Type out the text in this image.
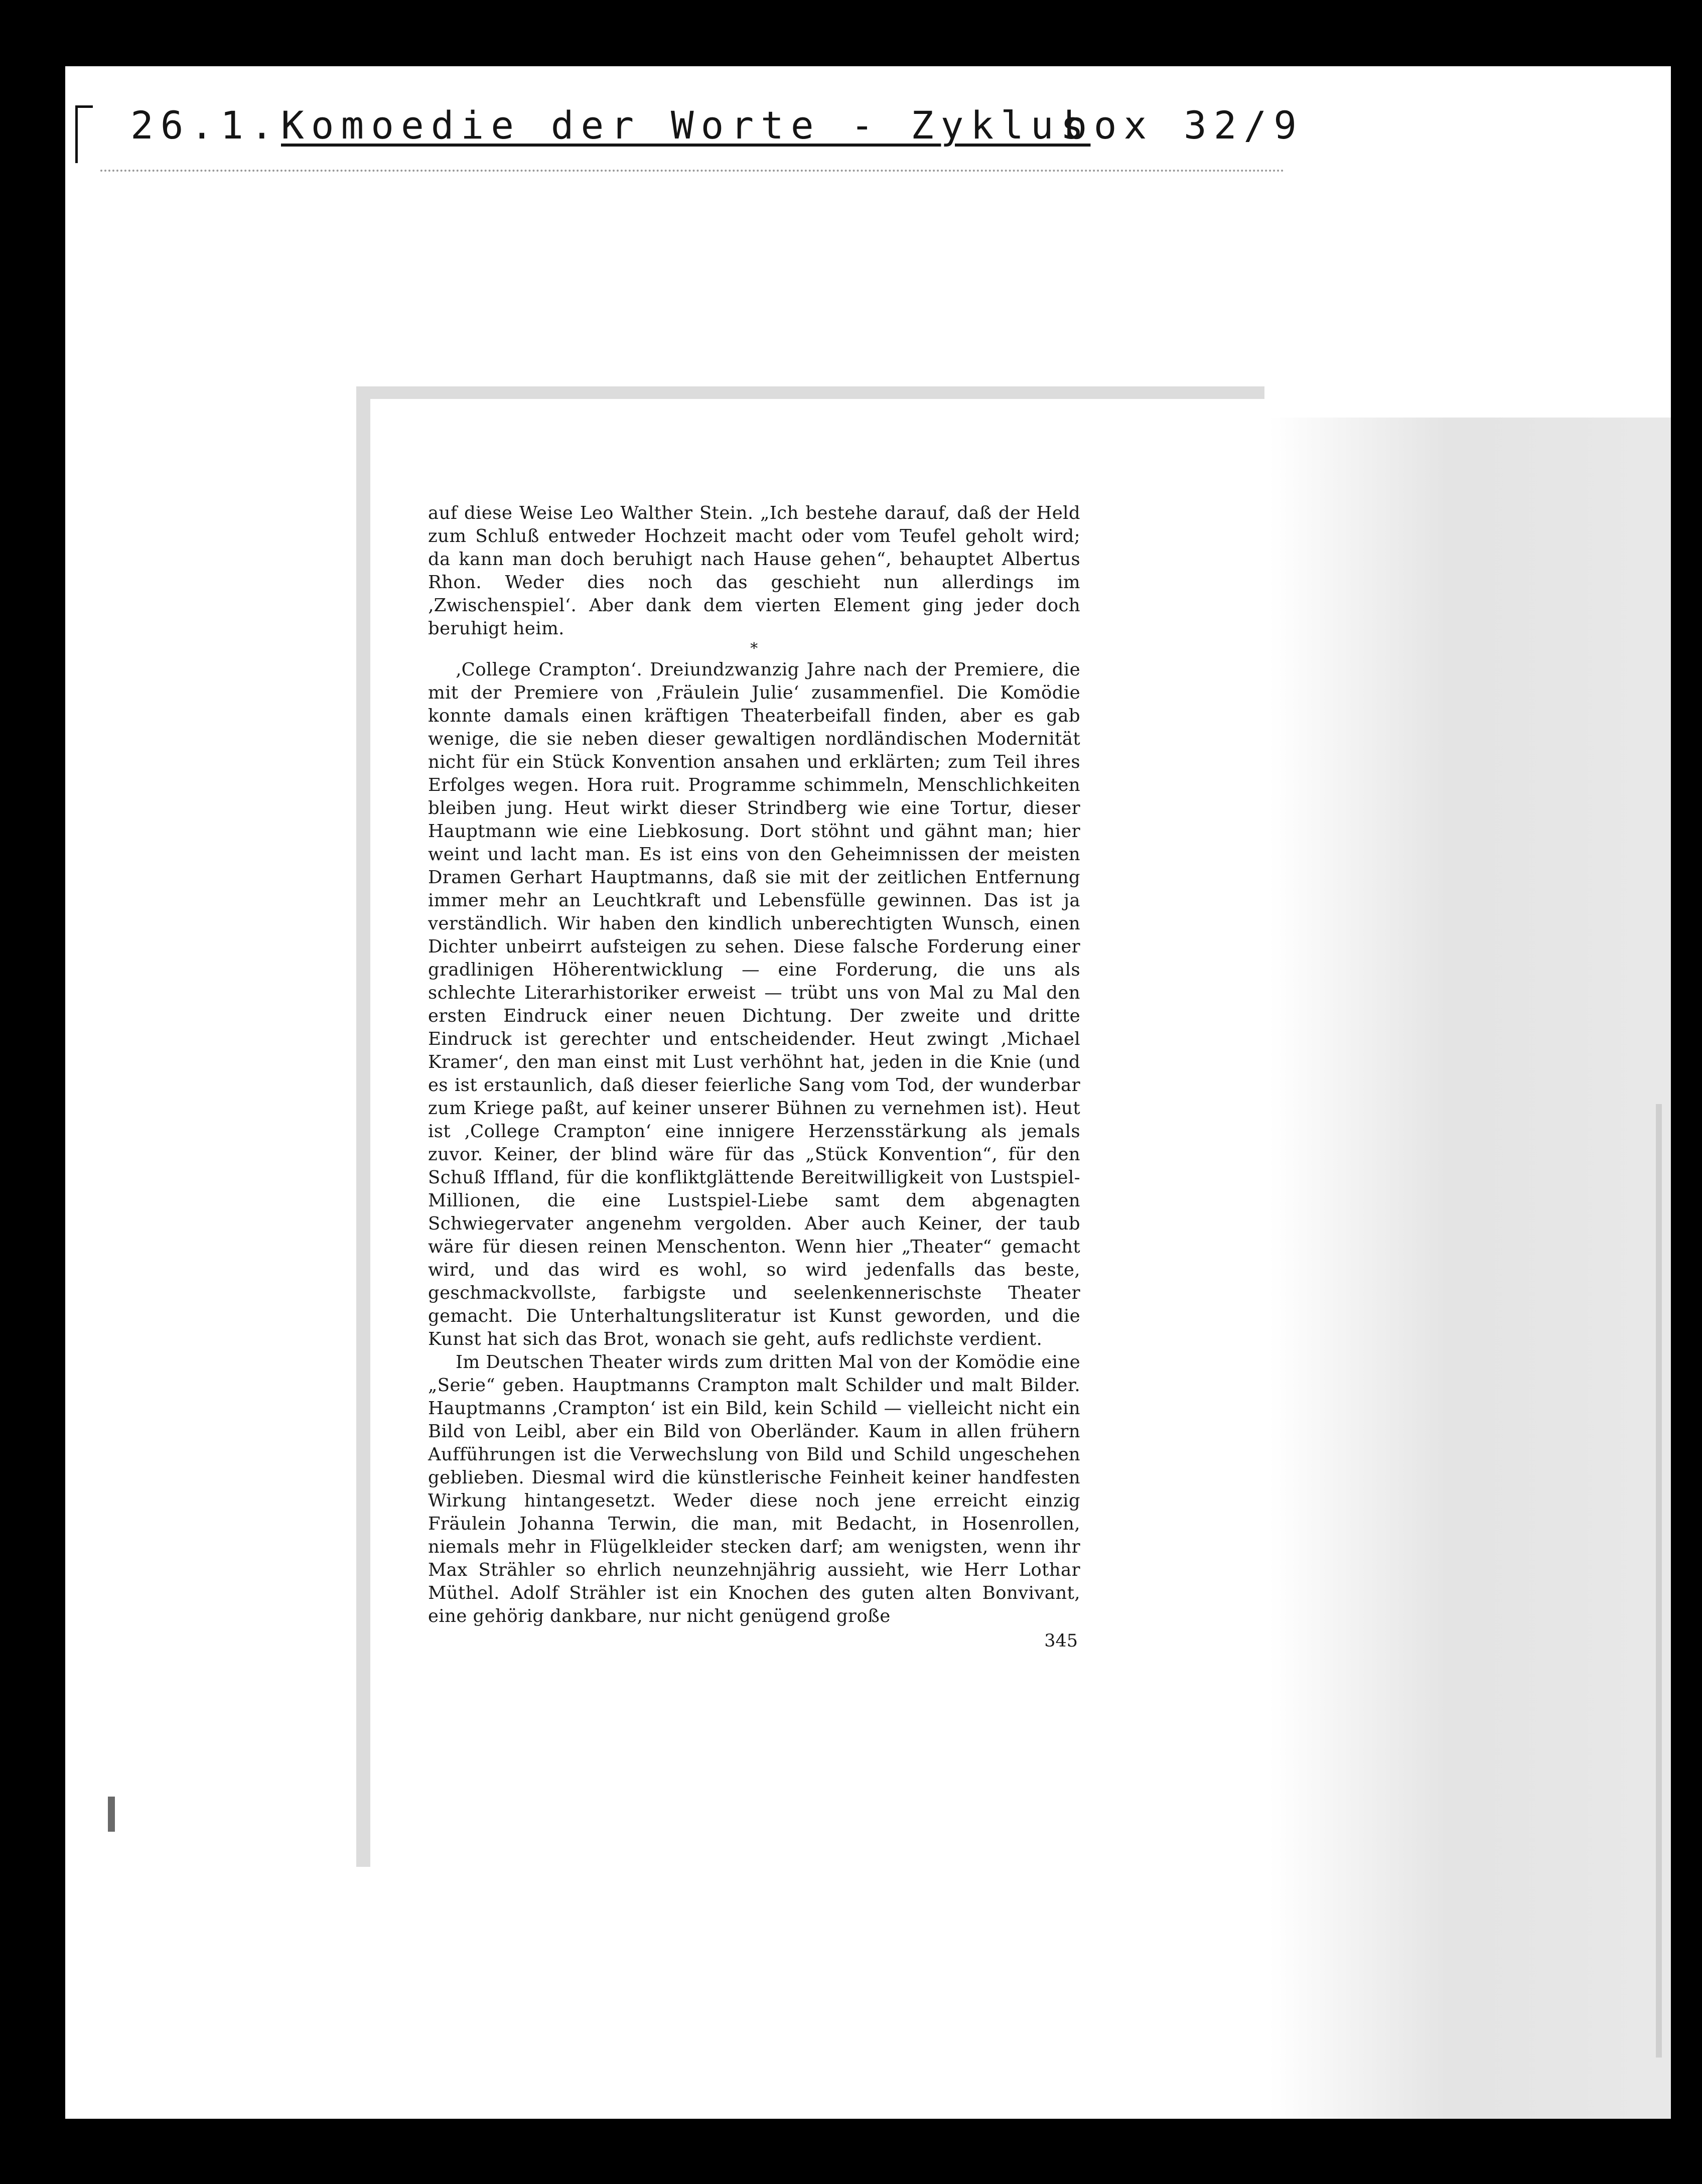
26.1. Komoedie der Worte - Zyklus
box 32/9

auf diese Weise Leo Walther Stein. „Ich bestehe darauf, daß der Held zum Schluß entweder Hochzeit macht oder vom Teufel geholt wird; da kann man doch beruhigt nach Hause gehen“, behauptet Albertus Rhon. Weder dies noch das geschieht nun allerdings im ‚Zwischenspiel‘. Aber dank dem vierten Element ging jeder doch beruhigt heim.

*

‚College Crampton‘. Dreiundzwanzig Jahre nach der Premiere, die mit der Premiere von ‚Fräulein Julie‘ zusammenfiel. Die Komödie konnte damals einen kräftigen Theaterbeifall finden, aber es gab wenige, die sie neben dieser gewaltigen nordländischen Modernität nicht für ein Stück Konvention ansahen und erklärten; zum Teil ihres Erfolges wegen. Hora ruit. Programme schimmeln, Menschlichkeiten bleiben jung. Heut wirkt dieser Strindberg wie eine Tortur, dieser Hauptmann wie eine Liebkosung. Dort stöhnt und gähnt man; hier weint und lacht man. Es ist eins von den Geheimnissen der meisten Dramen Gerhart Hauptmanns, daß sie mit der zeitlichen Entfernung immer mehr an Leuchtkraft und Lebensfülle gewinnen. Das ist ja verständlich. Wir haben den kindlich unberechtigten Wunsch, einen Dichter unbeirrt aufsteigen zu sehen. Diese falsche Forderung einer gradlinigen Höherentwicklung — eine Forderung, die uns als schlechte Literarhistoriker erweist — trübt uns von Mal zu Mal den ersten Eindruck einer neuen Dichtung. Der zweite und dritte Eindruck ist gerechter und entscheidender. Heut zwingt ‚Michael Kramer‘, den man einst mit Lust verhöhnt hat, jeden in die Knie (und es ist erstaunlich, daß dieser feierliche Sang vom Tod, der wunderbar zum Kriege paßt, auf keiner unserer Bühnen zu vernehmen ist). Heut ist ‚College Crampton‘ eine innigere Herzensstärkung als jemals zuvor. Keiner, der blind wäre für das „Stück Konvention“, für den Schuß Iffland, für die konfliktglättende Bereitwilligkeit von Lustspiel-Millionen, die eine Lustspiel-Liebe samt dem abgenagten Schwiegervater angenehm vergolden. Aber auch Keiner, der taub wäre für diesen reinen Menschenton. Wenn hier „Theater“ gemacht wird, und das wird es wohl, so wird jedenfalls das beste, geschmackvollste, farbigste und seelenkennerischste Theater gemacht. Die Unterhaltungsliteratur ist Kunst geworden, und die Kunst hat sich das Brot, wonach sie geht, aufs redlichste verdient.

Im Deutschen Theater wirds zum dritten Mal von der Komödie eine „Serie“ geben. Hauptmanns Crampton malt Schilder und malt Bilder. Hauptmanns ‚Crampton‘ ist ein Bild, kein Schild — vielleicht nicht ein Bild von Leibl, aber ein Bild von Oberländer. Kaum in allen frühern Aufführungen ist die Verwechslung von Bild und Schild ungeschehen geblieben. Diesmal wird die künstlerische Feinheit keiner handfesten Wirkung hintangesetzt. Weder diese noch jene erreicht einzig Fräulein Johanna Terwin, die man, mit Bedacht, in Hosenrollen, niemals mehr in Flügelkleider stecken darf; am wenigsten, wenn ihr Max Strähler so ehrlich neunzehnjährig aussieht, wie Herr Lothar Müthel. Adolf Strähler ist ein Knochen des guten alten Bonvivant, eine gehörig dankbare, nur nicht genügend große

345
